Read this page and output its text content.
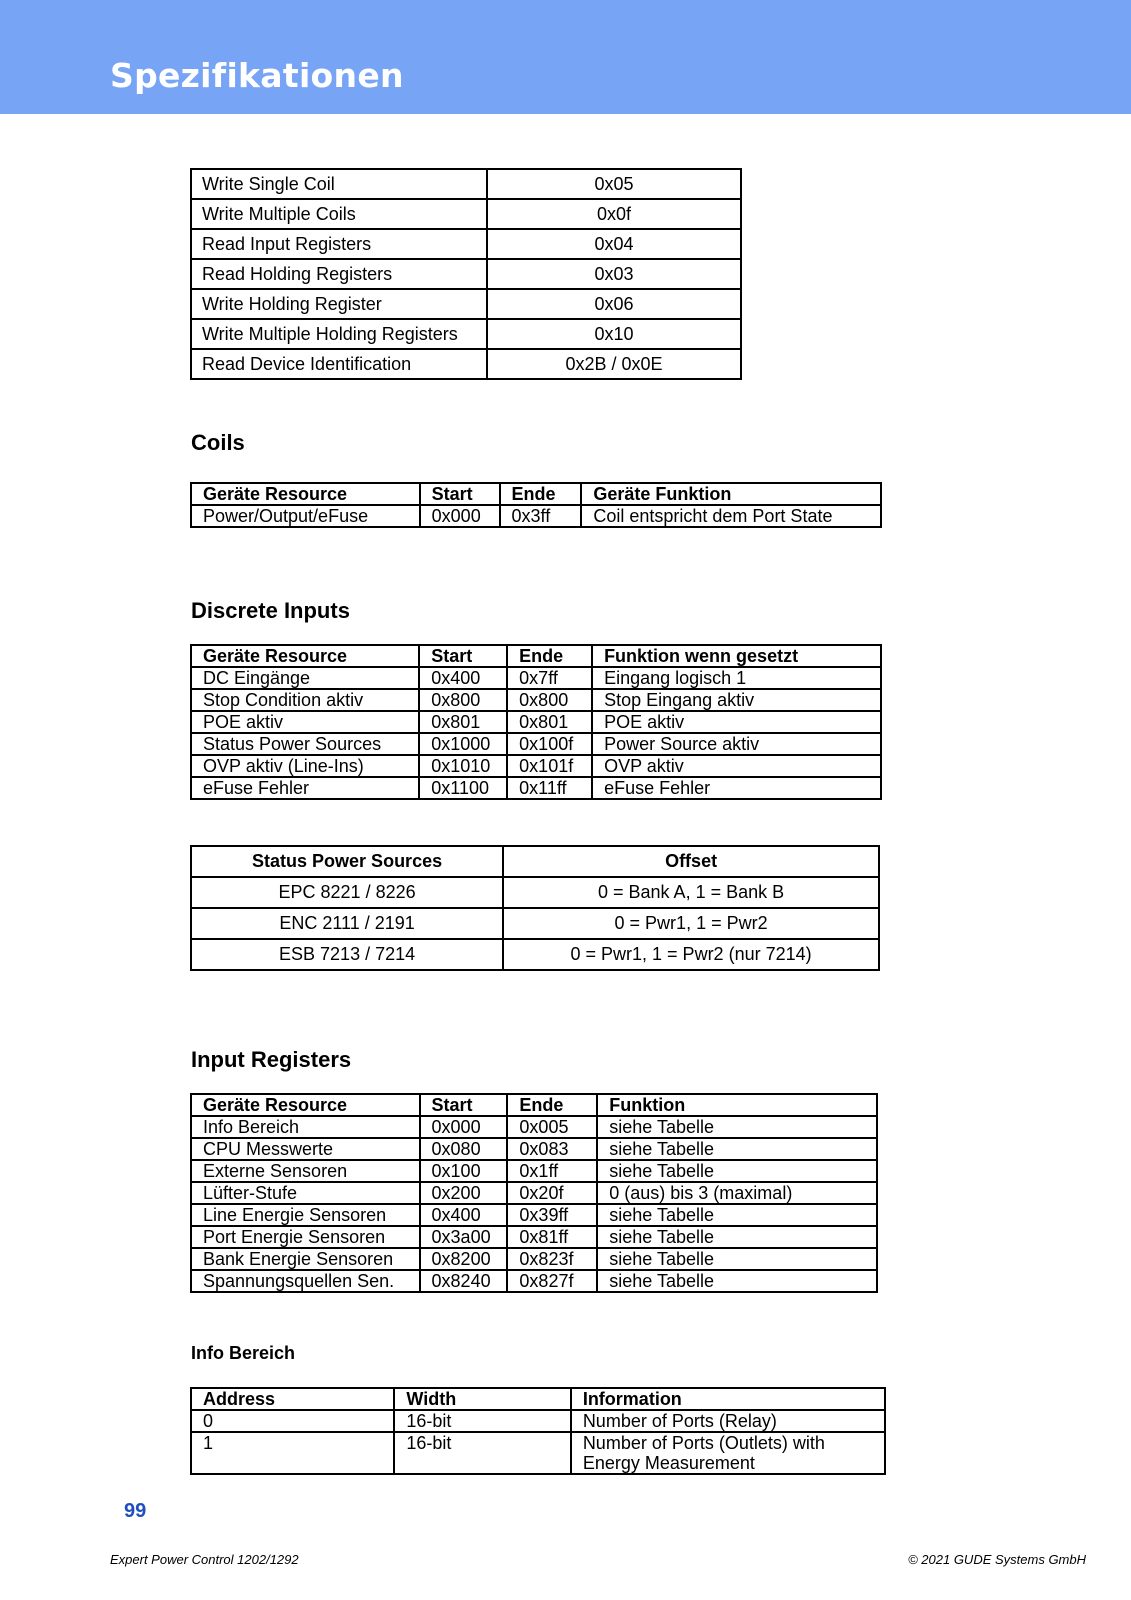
Spezifikationen
Write Single Coil	0x05
Write Multiple Coils	0x0f
Read Input Registers	0x04
Read Holding Registers	0x03
Write Holding Register	0x06
Write Multiple Holding Registers	0x10
Read Device Identification	0x2B / 0x0E
Coils
Geräte Resource	Start	Ende	Geräte Funktion
Power/Output/eFuse	0x000	0x3ff	Coil entspricht dem Port State
Discrete Inputs
Geräte Resource	Start	Ende	Funktion wenn gesetzt
DC Eingänge	0x400	0x7ff	Eingang logisch 1
Stop Condition aktiv	0x800	0x800	Stop Eingang aktiv
POE aktiv	0x801	0x801	POE aktiv
Status Power Sources	0x1000	0x100f	Power Source aktiv
OVP aktiv (Line-Ins)	0x1010	0x101f	OVP aktiv
eFuse Fehler	0x1100	0x11ff	eFuse Fehler
Status Power Sources	Offset
EPC 8221 / 8226	0 = Bank A, 1 = Bank B
ENC 2111 / 2191	0 = Pwr1, 1 = Pwr2
ESB 7213 / 7214	0 = Pwr1, 1 = Pwr2 (nur 7214)
Input Registers
Geräte Resource	Start	Ende	Funktion
Info Bereich	0x000	0x005	siehe Tabelle
CPU Messwerte	0x080	0x083	siehe Tabelle
Externe Sensoren	0x100	0x1ff	siehe Tabelle
Lüfter-Stufe	0x200	0x20f	0 (aus) bis 3 (maximal)
Line Energie Sensoren	0x400	0x39ff	siehe Tabelle
Port Energie Sensoren	0x3a00	0x81ff	siehe Tabelle
Bank Energie Sensoren	0x8200	0x823f	siehe Tabelle
Spannungsquellen Sen.	0x8240	0x827f	siehe Tabelle
Info Bereich
Address	Width	Information
0	16-bit	Number of Ports (Relay)
1	16-bit	Number of Ports (Outlets) with Energy Measurement
99
Expert Power Control 1202/1292	© 2021 GUDE Systems GmbH
